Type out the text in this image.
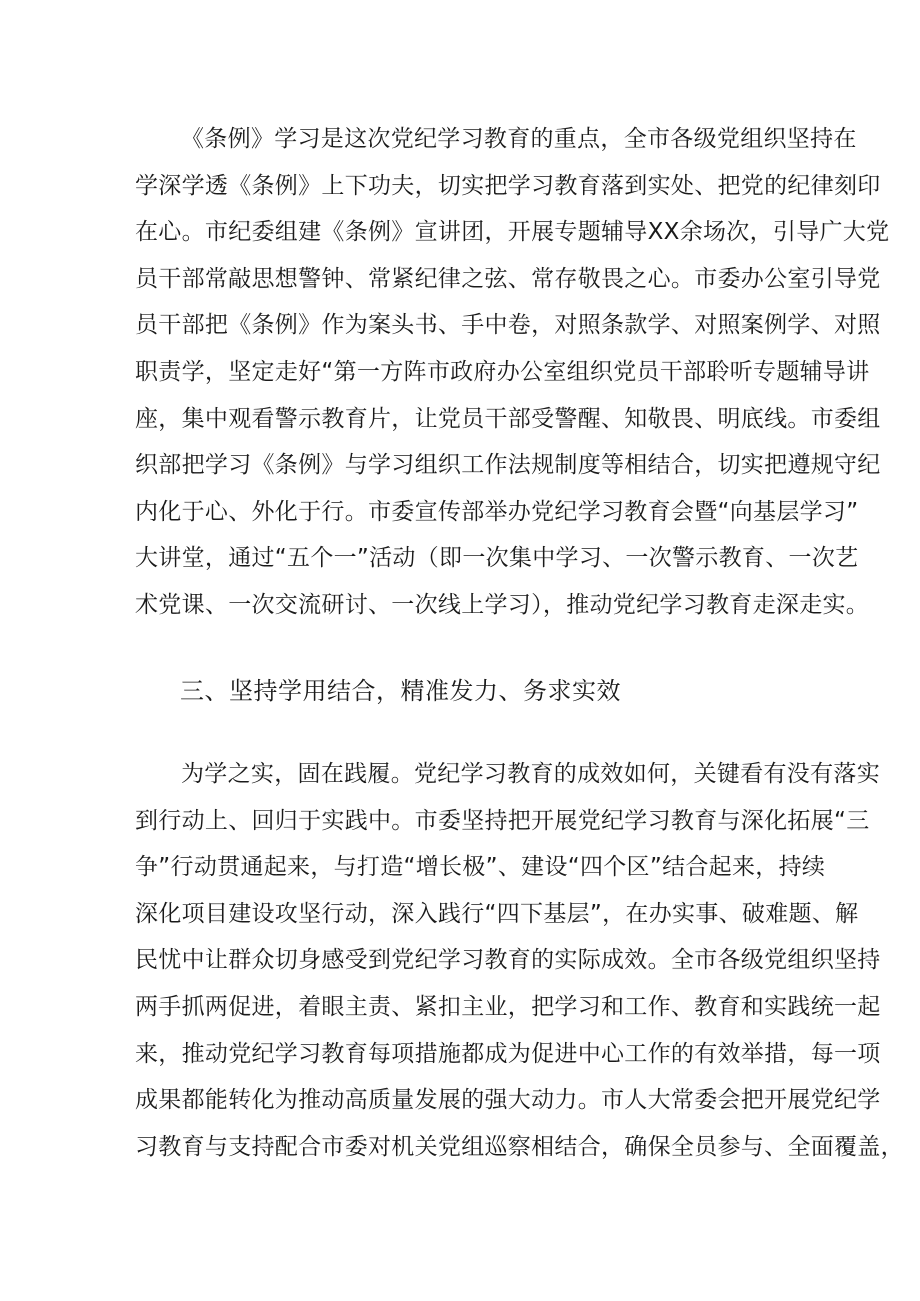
《条例》学习是这次党纪学习教育的重点，全市各级党组织坚持在
学深学透《条例》上下功夫，切实把学习教育落到实处、把党的纪律刻印
在心。市纪委组建《条例》宣讲团，开展专题辅导XX余场次，引导广大党
员干部常敲思想警钟、常紧纪律之弦、常存敬畏之心。市委办公室引导党
员干部把《条例》作为案头书、手中卷，对照条款学、对照案例学、对照
职责学，坚定走好“第一方阵市政府办公室组织党员干部聆听专题辅导讲
座，集中观看警示教育片，让党员干部受警醒、知敬畏、明底线。市委组
织部把学习《条例》与学习组织工作法规制度等相结合，切实把遵规守纪
内化于心、外化于行。市委宣传部举办党纪学习教育会暨“向基层学习”
大讲堂，通过“五个一”活动（即一次集中学习、一次警示教育、一次艺
术党课、一次交流研讨、一次线上学习），推动党纪学习教育走深走实。
三、坚持学用结合，精准发力、务求实效
为学之实，固在践履。党纪学习教育的成效如何，关键看有没有落实
到行动上、回归于实践中。市委坚持把开展党纪学习教育与深化拓展“三
争”行动贯通起来，与打造“增长极”、建设“四个区”结合起来，持续
深化项目建设攻坚行动，深入践行“四下基层”，在办实事、破难题、解
民忧中让群众切身感受到党纪学习教育的实际成效。全市各级党组织坚持
两手抓两促进，着眼主责、紧扣主业，把学习和工作、教育和实践统一起
来，推动党纪学习教育每项措施都成为促进中心工作的有效举措，每一项
成果都能转化为推动高质量发展的强大动力。市人大常委会把开展党纪学
习教育与支持配合市委对机关党组巡察相结合，确保全员参与、全面覆盖，
